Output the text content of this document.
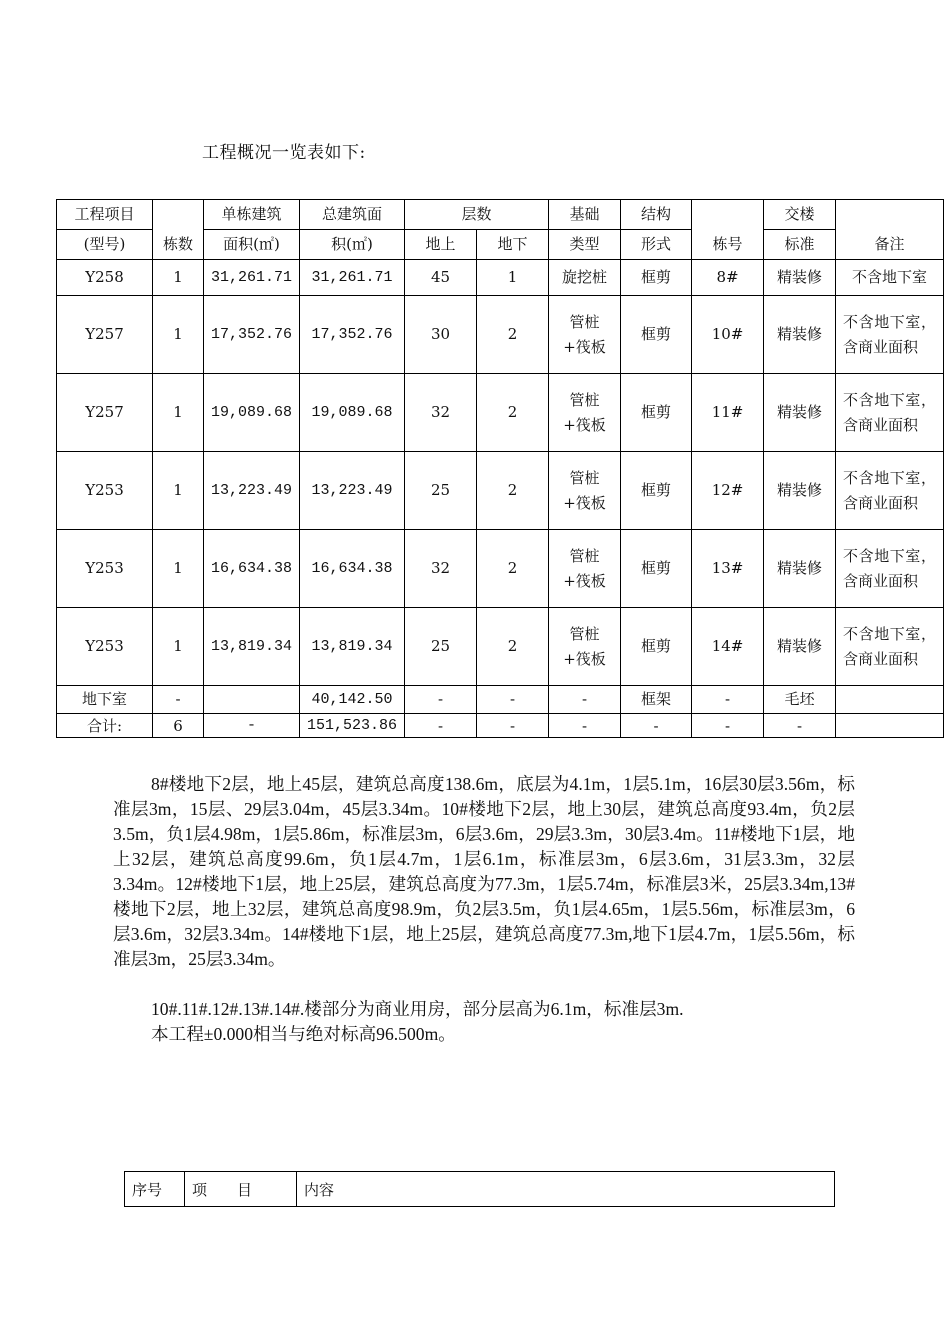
工程概况一览表如下:
工程项目	栋数	单栋建筑	总建筑面	层数		基础	结构	栋号	交楼	备注
(型号)		面积(㎡)	积(㎡)	地上	地下	类型	形式		标准	
Y258	1	31,261.71	31,261.71	45	1	旋挖桩	框剪	8#	精装修	不含地下室
Y257	1	17,352.76	17,352.76	30	2	管桩+筏板	框剪	10#	精装修	不含地下室，含商业面积
Y257	1	19,089.68	19,089.68	32	2	管桩+筏板	框剪	11#	精装修	不含地下室，含商业面积
Y253	1	13,223.49	13,223.49	25	2	管桩+筏板	框剪	12#	精装修	不含地下室，含商业面积
Y253	1	16,634.38	16,634.38	32	2	管桩+筏板	框剪	13#	精装修	不含地下室，含商业面积
Y253	1	13,819.34	13,819.34	25	2	管桩+筏板	框剪	14#	精装修	不含地下室，含商业面积
地下室	-		40,142.50	-	-	-	框架	-	毛坯	
合计:	6	-	151,523.86	-	-	-	-	-	-	
8#楼地下2层，地上45层，建筑总高度138.6m，底层为4.1m，1层5.1m，16层30层3.56m，标准层3m，15层、29层3.04m，45层3.34m。10#楼地下2层，地上30层，建筑总高度93.4m，负2层3.5m，负1层4.98m，1层5.86m，标准层3m，6层3.6m，29层3.3m，30层3.4m。11#楼地下1层，地上32层，建筑总高度99.6m，负1层4.7m，1层6.1m，标准层3m，6层3.6m，31层3.3m，32层3.34m。12#楼地下1层，地上25层，建筑总高度为77.3m，1层5.74m，标准层3米，25层3.34m,13#楼地下2层，地上32层，建筑总高度98.9m，负2层3.5m，负1层4.65m，1层5.56m，标准层3m，6层3.6m，32层3.34m。14#楼地下1层，地上25层，建筑总高度77.3m,地下1层4.7m，1层5.56m，标准层3m，25层3.34m。
10#.11#.12#.13#.14#.楼部分为商业用房，部分层高为6.1m，标准层3m.
本工程±0.000相当与绝对标高96.500m。
序号	项　　目	内容
